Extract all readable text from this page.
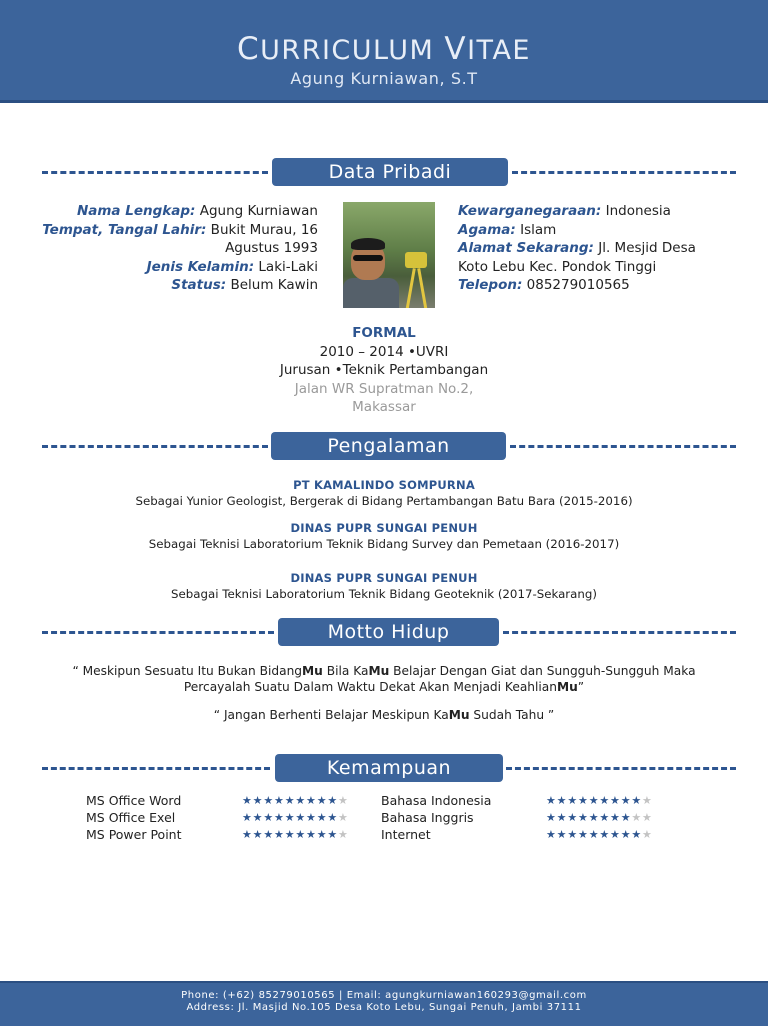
CURRICULUM VITAE
Agung Kurniawan, S.T
Data Pribadi
Nama Lengkap: Agung Kurniawan
Tempat, Tangal Lahir: Bukit Murau, 16
Agustus 1993
Jenis Kelamin: Laki-Laki
Status: Belum Kawin
Kewarganegaraan: Indonesia
Agama: Islam
Alamat Sekarang: Jl. Mesjid Desa
Koto Lebu Kec. Pondok Tinggi
Telepon: 085279010565
FORMAL
2010 – 2014 •UVRI
Jurusan •Teknik Pertambangan
Jalan WR Supratman No.2,
Makassar
Pengalaman
PT KAMALINDO SOMPURNA
Sebagai Yunior Geologist, Bergerak di Bidang Pertambangan Batu Bara (2015-2016)
DINAS PUPR SUNGAI PENUH
Sebagai Teknisi Laboratorium Teknik Bidang Survey dan Pemetaan (2016-2017)
DINAS PUPR SUNGAI PENUH
Sebagai Teknisi Laboratorium Teknik Bidang Geoteknik (2017-Sekarang)
Motto Hidup
“ Meskipun Sesuatu Itu Bukan BidangMu Bila KaMu Belajar Dengan Giat dan Sungguh-Sungguh Maka
Percayalah Suatu Dalam Waktu Dekat Akan Menjadi KeahlianMu”
“ Jangan Berhenti Belajar Meskipun KaMu Sudah Tahu ”
Kemampuan
MS Office Word	★★★★★★★★★★
MS Office Exel	★★★★★★★★★★
MS Power Point	★★★★★★★★★★
Bahasa Indonesia	★★★★★★★★★★
Bahasa Inggris	★★★★★★★★★★
Internet	★★★★★★★★★★
Phone: (+62) 85279010565 | Email: agungkurniawan160293@gmail.com
Address: Jl. Masjid No.105 Desa Koto Lebu, Sungai Penuh, Jambi 37111
